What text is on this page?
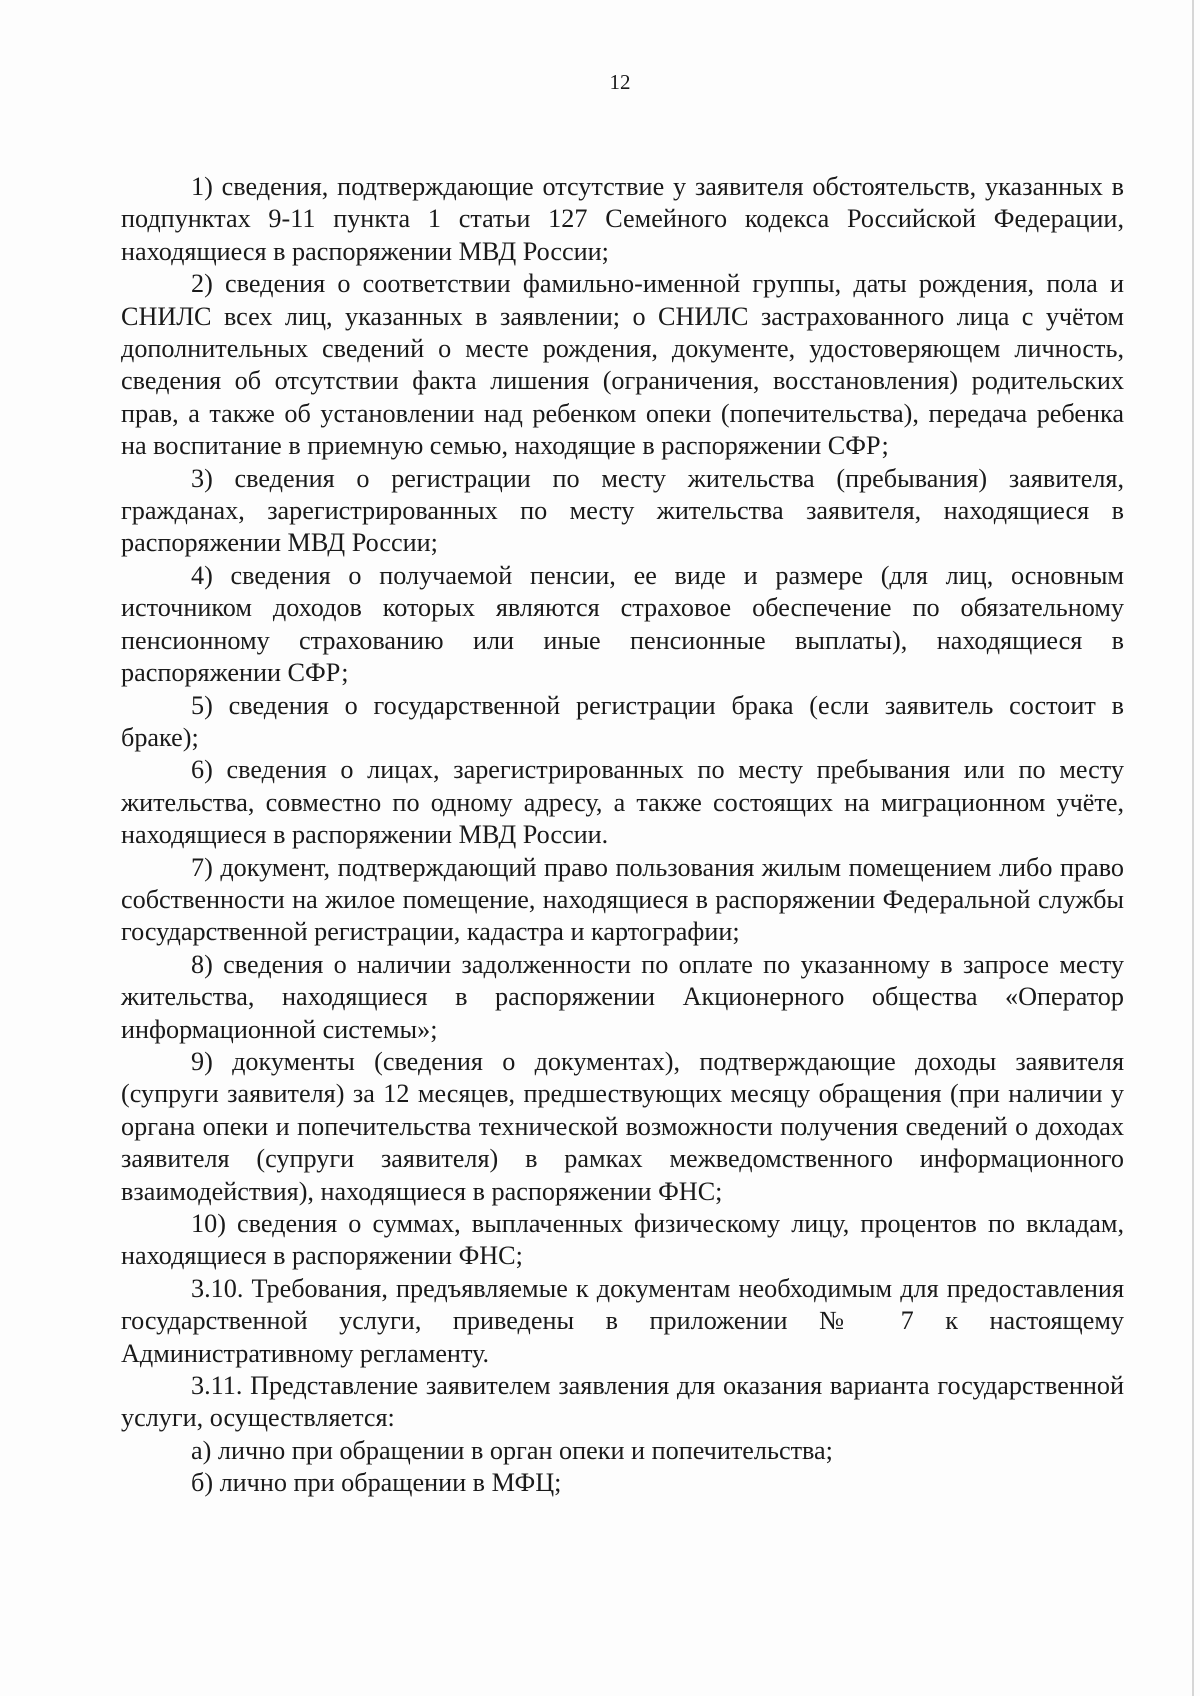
12

1) сведения, подтверждающие отсутствие у заявителя обстоятельств, указанных в подпунктах 9-11 пункта 1 статьи 127 Семейного кодекса Российской Федерации, находящиеся в распоряжении МВД России;

2) сведения о соответствии фамильно-именной группы, даты рождения, пола и СНИЛС всех лиц, указанных в заявлении; о СНИЛС застрахованного лица с учётом дополнительных сведений о месте рождения, документе, удостоверяющем личность, сведения об отсутствии факта лишения (ограничения, восстановления) родительских прав, а также об установлении над ребенком опеки (попечительства), передача ребенка на воспитание в приемную семью, находящие в распоряжении СФР;

3) сведения о регистрации по месту жительства (пребывания) заявителя, гражданах, зарегистрированных по месту жительства заявителя, находящиеся в распоряжении МВД России;

4) сведения о получаемой пенсии, ее виде и размере (для лиц, основным источником доходов которых являются страховое обеспечение по обязательному пенсионному страхованию или иные пенсионные выплаты), находящиеся в распоряжении СФР;

5) сведения о государственной регистрации брака (если заявитель состоит в браке);

6) сведения о лицах, зарегистрированных по месту пребывания или по месту жительства, совместно по одному адресу, а также состоящих на миграционном учёте, находящиеся в распоряжении МВД России.

7) документ, подтверждающий право пользования жилым помещением либо право собственности на жилое помещение, находящиеся в распоряжении Федеральной службы государственной регистрации, кадастра и картографии;

8) сведения о наличии задолженности по оплате по указанному в запросе месту жительства, находящиеся в распоряжении Акционерного общества «Оператор информационной системы»;

9) документы (сведения о документах), подтверждающие доходы заявителя (супруги заявителя) за 12 месяцев, предшествующих месяцу обращения (при наличии у органа опеки и попечительства технической возможности получения сведений о доходах заявителя (супруги заявителя) в рамках межведомственного информационного взаимодействия), находящиеся в распоряжении ФНС;

10) сведения о суммах, выплаченных физическому лицу, процентов по вкладам, находящиеся в распоряжении ФНС;

3.10. Требования, предъявляемые к документам необходимым для предоставления государственной услуги, приведены в приложении № 7 к настоящему Административному регламенту.

3.11. Представление заявителем заявления для оказания варианта государственной услуги, осуществляется:

а) лично при обращении в орган опеки и попечительства;

б) лично при обращении в МФЦ;
